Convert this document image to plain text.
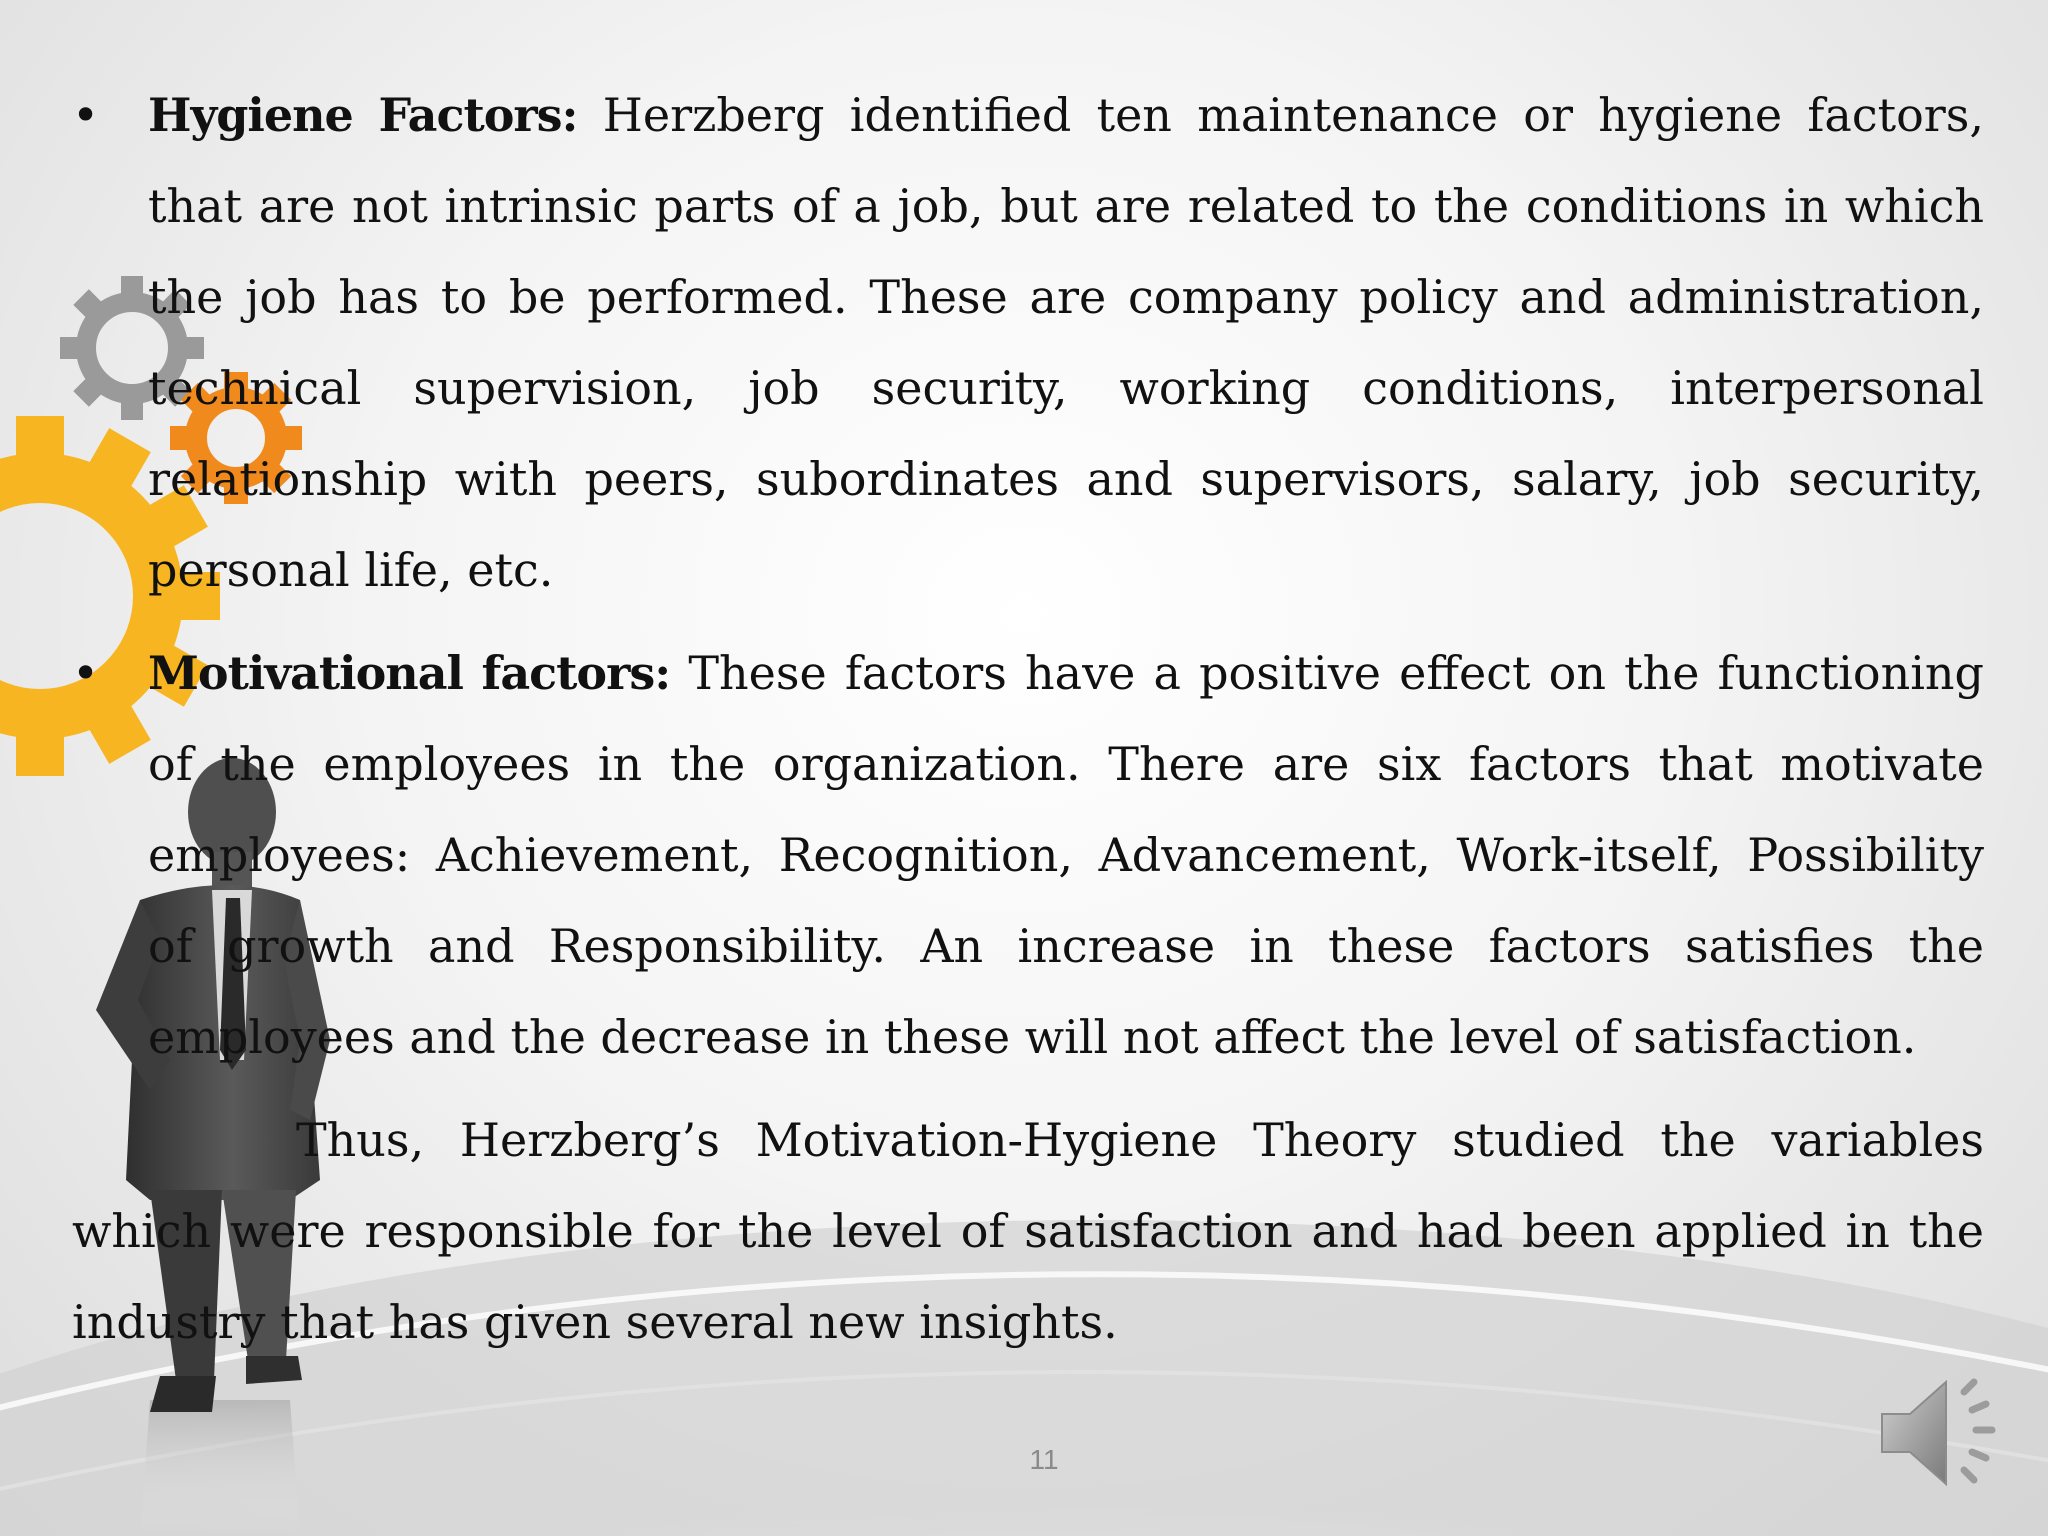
•
Hygiene Factors: Herzberg identified ten maintenance or hygiene factors, that are not intrinsic parts of a job, but are related to the conditions in which the job has to be performed. These are company policy and administration, technical supervision, job security, working conditions, interpersonal relationship with peers, subordinates and supervisors, salary, job security, personal life, etc.
•
Motivational factors: These factors have a positive effect on the functioning of the employees in the organization. There are six factors that motivate employees: Achievement, Recognition, Advancement, Work-itself, Possibility of growth and Responsibility. An increase in these factors satisfies the employees and the decrease in these will not affect the level of satisfaction.
Thus, Herzberg’s Motivation-Hygiene Theory studied the variables which were responsible for the level of satisfaction and had been applied in the industry that has given several new insights.
11
